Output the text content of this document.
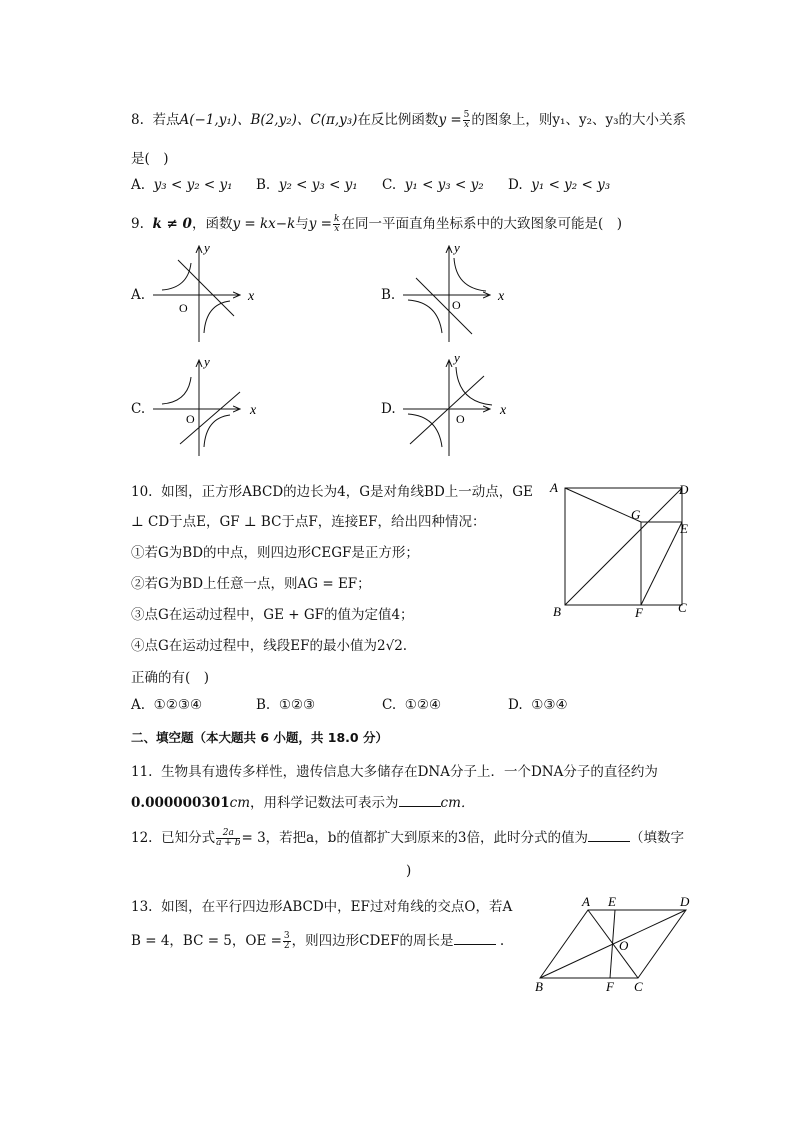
8. 若点A(−1,y₁)、B(2,y₂)、C(π,y₃)在反比例函数$y = \frac{5}{x}$ 的图象上，则y₁、y₂、y₃的大小关系
是(　)
A. y₃ < y₂ < y₁ B. y₂ < y₃ < y₁ C. y₁ < y₃ < y₂ D. y₁ < y₂ < y₃
9. k ≠ 0，函数y = kx−k与$y = \frac{k}{x}$ 在同一平面直角坐标系中的大致图象可能是(　)
A.	B.
C.	D.
x
y
O
x
y
O
x
y
O
x
y
O
10. 如图，正方形ABCD的边长为4，G是对角线BD上一动点，GE
⊥ CD于点E，GF ⊥ BC于点F，连接EF，给出四种情况：
①若G为BD的中点，则四边形CEGF是正方形；
②若G为BD上任意一点，则AG = EF；
③点G在运动过程中，GE + GF的值为定值4；
④点G在运动过程中，线段EF的最小值为2√2.
正确的有(　)
A. ①②③④	B. ①②③	C. ①②④	D. ①③④
A	D
B	C
E
F
G
二、填空题（本大题共 6 小题，共 18.0 分）
11. 生物具有遗传多样性，遗传信息大多储存在DNA分子上．一个DNA分子的直径约为
0.000000301cm，用科学记数法可表示为	cm．
12. 已知分式 $\frac{2a}{a + b} = 3$，若把a，b的值都扩大到原来的3倍，此时分式的值为	（填数字
)
13. 如图，在平行四边形ABCD中，EF过对角线的交点O，若A
B = 4，BC = 5，OE = $\frac{3}{2}$ ，则四边形CDEF的周长是	.
A E	D
B	F C
O
